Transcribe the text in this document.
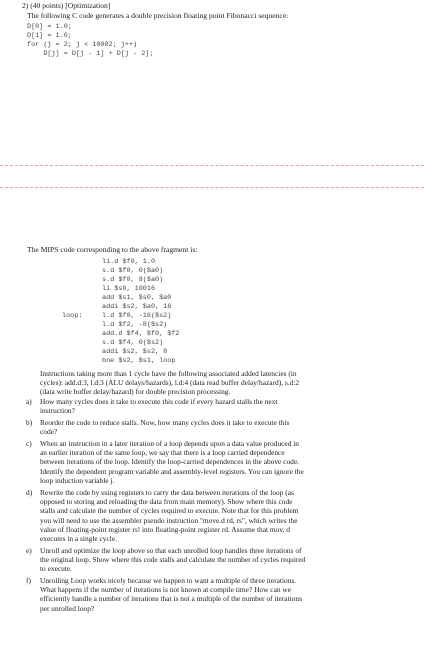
2) (40 points) [Optimization]
The following C code generates a double precision floating point Fibonacci sequence:
D[0] = 1.0;
D[1] = 1.0;
for (j = 2; j < 10002; j++)
D[j] = D[j - 1] + D[j - 2];
The MIPS code corresponding to the above fragment is:
li.d $f0, 1.0
s.d $f0, 0($a0)
s.d $f0, 8($a0)
li $s0, 10016
add $s1, $s0, $a0
addi $s2, $a0, 16
loop:	l.d $f0, -16($s2)
l.d $f2, -8($s2)
add.d $f4, $f0, $f2
s.d $f4, 0($s2)
addi $s2, $s2, 8
bne $s2, $s1, loop
Instructions taking more than 1 cycle have the following associated added latencies (in
cycles): add.d:3, l.d:3 (ALU delays/hazards), l.d:4 (data read buffer delay/hazard), s.d:2
(data write buffer delay/hazard) for double precision processing.
a) How many cycles does it take to execute this code if every hazard stalls the next
instruction?
b) Reorder the code to reduce stalls. Now, how many cycles does it take to execute this
code?
c) When an instruction in a later iteration of a loop depends upon a data value produced in
an earlier iteration of the same loop, we say that there is a loop carried dependence
between iterations of the loop. Identify the loop-carried dependences in the above code.
Identify the dependent program variable and assembly-level registers. You can ignore the
loop induction variable j.
d) Rewrite the code by using registers to carry the data between iterations of the loop (as
opposed to storing and reloading the data from main memory). Show where this code
stalls and calculate the number of cycles required to execute. Note that for this problem
you will need to use the assembler pseudo instruction "move.d rd, rs", which writes the
value of floating-point register rs! into floating-point register rd. Assume that mov, d
executes in a single cycle.
e) Unroll and optimize the loop above so that each unrolled loop handles three iterations of
the original loop. Show where this code stalls and calculate the number of cycles required
to execute.
f) Unrolling Loop works nicely because we happen to want a multiple of three iterations.
What happens if the number of iterations is not known at compile time? How can we
efficiently handle a number of iterations that is not a multiple of the number of iterations
per unrolled loop?
